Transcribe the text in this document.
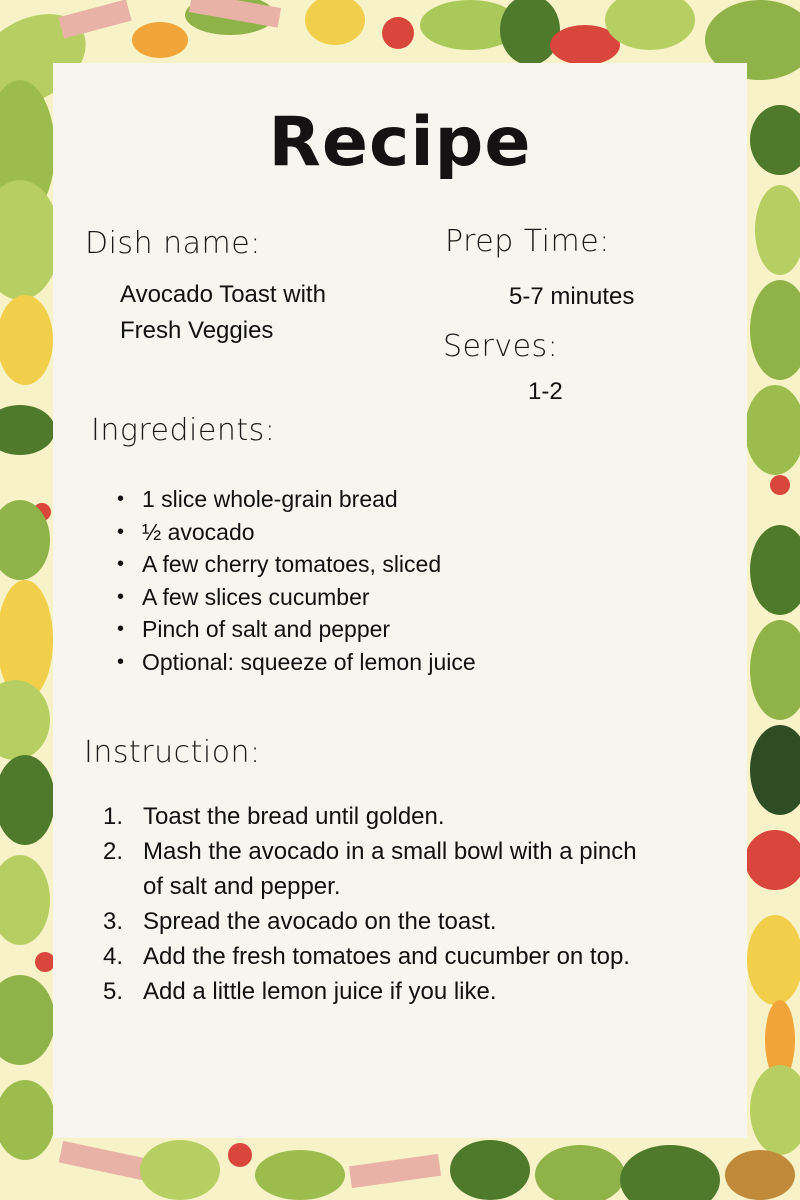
Recipe
Dish name:
Avocado Toast with
Fresh Veggies
Prep Time:
5-7 minutes
Serves:
1-2
Ingredients:
• 1 slice whole-grain bread
• ½ avocado
• A few cherry tomatoes, sliced
• A few slices cucumber
• Pinch of salt and pepper
• Optional: squeeze of lemon juice
Instruction:
1. Toast the bread until golden.
2. Mash the avocado in a small bowl with a pinch of salt and pepper.
3. Spread the avocado on the toast.
4. Add the fresh tomatoes and cucumber on top.
5. Add a little lemon juice if you like.
